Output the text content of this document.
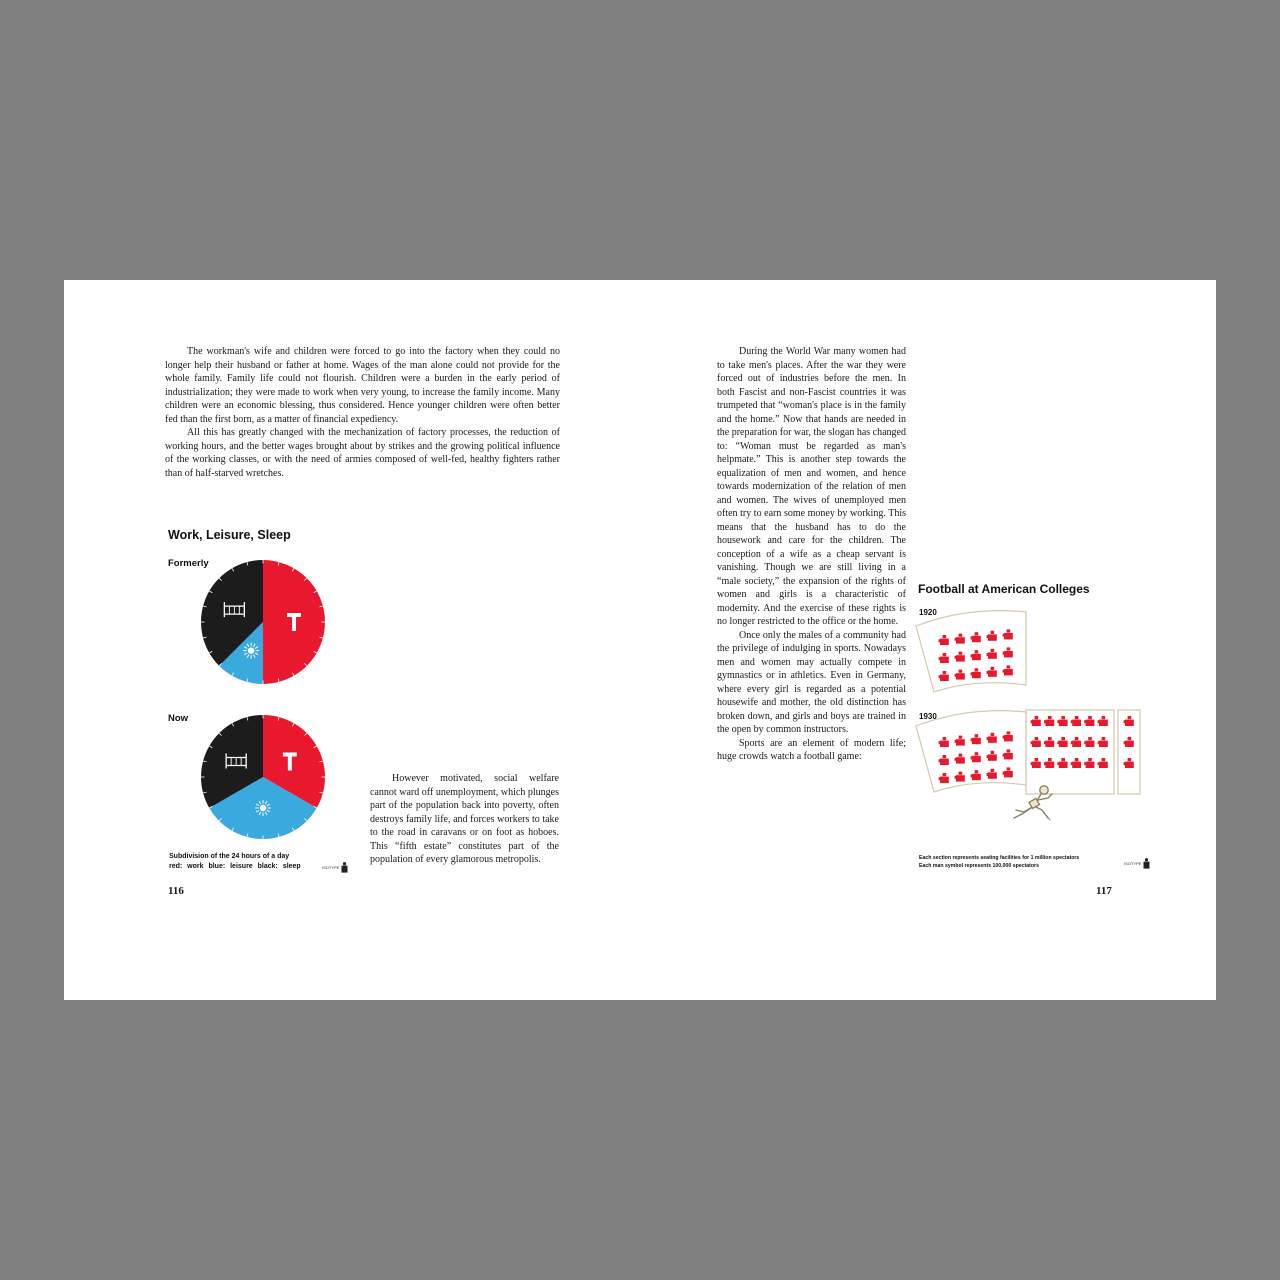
The workman's wife and children were forced to go into the factory when they could no longer help their husband or father at home. Wages of the man alone could not provide for the whole family. Family life could not flourish. Children were a burden in the early period of industrialization; they were made to work when very young, to increase the family income. Many children were an economic blessing, thus considered. Hence younger children were often better fed than the first born, as a matter of financial expediency.

All this has greatly changed with the mechanization of factory processes, the reduction of working hours, and the better wages brought about by strikes and the growing political influence of the working classes, or with the need of armies composed of well-fed, healthy fighters rather than of half-starved wretches.

Work, Leisure, Sleep
Formerly
Now
Subdivision of the 24 hours of a day
red: work blue: leisure black: sleep	ISOTYPE

However motivated, social welfare cannot ward off unemployment, which plunges part of the population back into poverty, often destroys family life, and forces workers to take to the road in caravans or on foot as hoboes. This “fifth estate” constitutes part of the population of every glamorous metropolis.

116

During the World War many women had to take men's places. After the war they were forced out of industries before the men. In both Fascist and non-Fascist countries it was trumpeted that “woman's place is in the family and the home.” Now that hands are needed in the preparation for war, the slogan has changed to: “Woman must be regarded as man's helpmate.” This is another step towards the equalization of men and women, and hence towards modernization of the relation of men and women. The wives of unemployed men often try to earn some money by working. This means that the husband has to do the housework and care for the children. The conception of a wife as a cheap servant is vanishing. Though we are still living in a “male society,” the expansion of the rights of women and girls is a characteristic of modernity. And the exercise of these rights is no longer restricted to the office or the home.

Once only the males of a community had the privilege of indulging in sports. Nowadays men and women may actually compete in gymnastics or in athletics. Even in Germany, where every girl is regarded as a potential housewife and mother, the old distinction has broken down, and girls and boys are trained in the open by common instructors.

Sports are an element of modern life; huge crowds watch a football game:

Football at American Colleges
1920
1930
Each section represents seating facilities for 1 million spectators
Each man symbol represents 100,000 spectators	ISOTYPE
117
